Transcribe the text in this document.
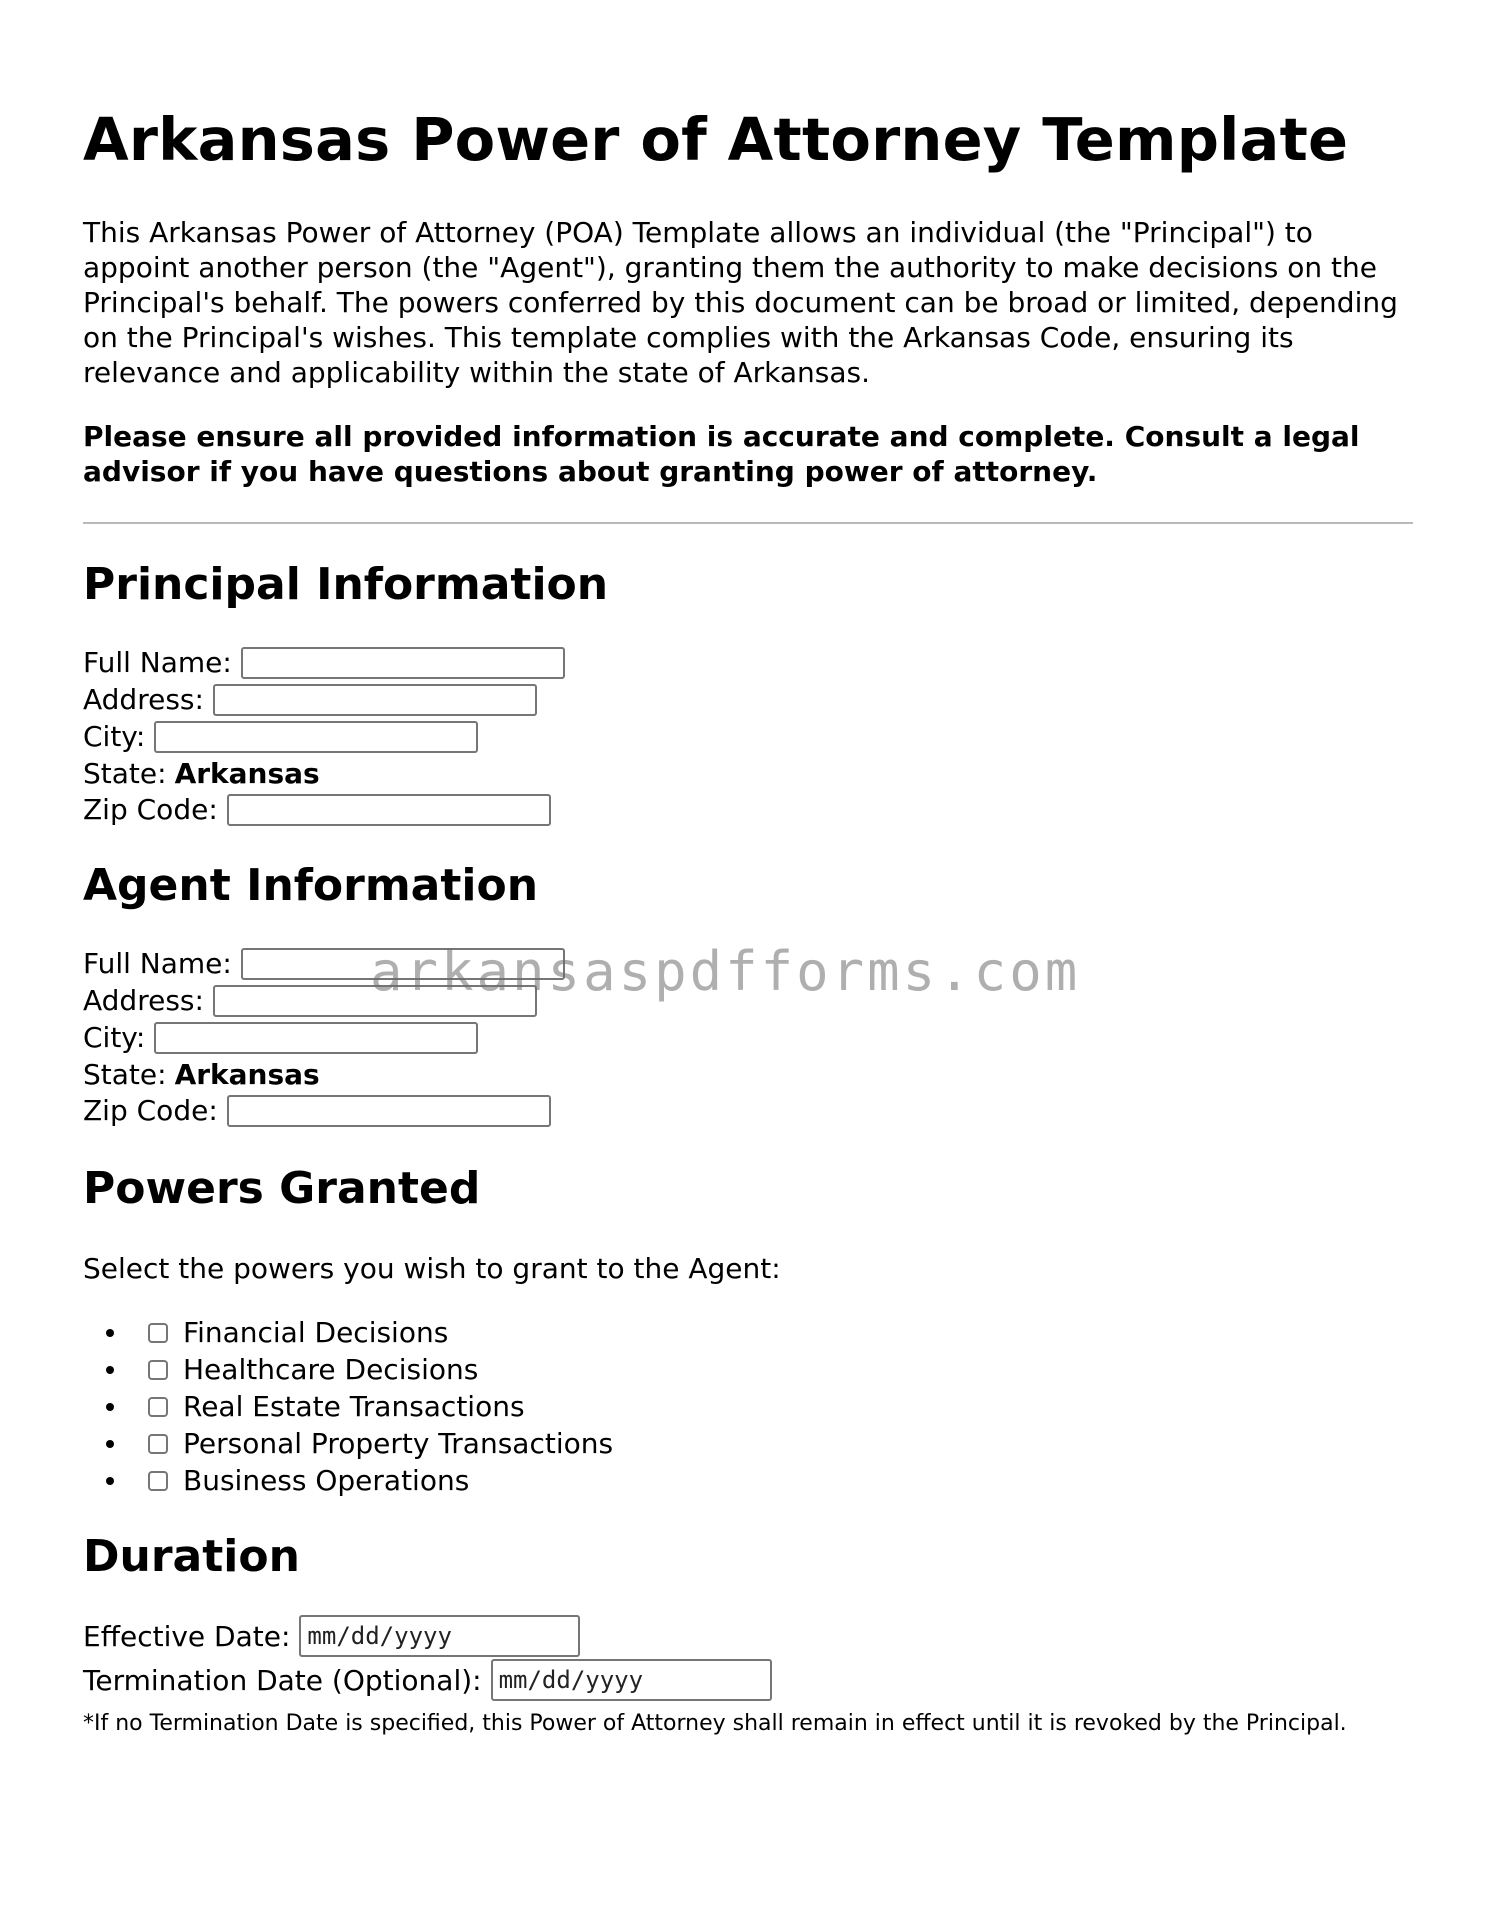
Arkansas Power of Attorney Template

This Arkansas Power of Attorney (POA) Template allows an individual (the "Principal") to appoint another person (the "Agent"), granting them the authority to make decisions on the Principal's behalf. The powers conferred by this document can be broad or limited, depending on the Principal's wishes. This template complies with the Arkansas Code, ensuring its relevance and applicability within the state of Arkansas.

Please ensure all provided information is accurate and complete. Consult a legal advisor if you have questions about granting power of attorney.

Principal Information
Full Name:
Address:
City:
State: Arkansas
Zip Code:
Agent Information
Full Name:
Address:
City:
State: Arkansas
Zip Code:
Powers Granted

Select the powers you wish to grant to the Agent:

Financial Decisions
Healthcare Decisions
Real Estate Transactions
Personal Property Transactions
Business Operations
Duration
Effective Date: mm/dd/yyyy
Termination Date (Optional): mm/dd/yyyy

*If no Termination Date is specified, this Power of Attorney shall remain in effect until it is revoked by the Principal.

arkansaspdfforms.com
